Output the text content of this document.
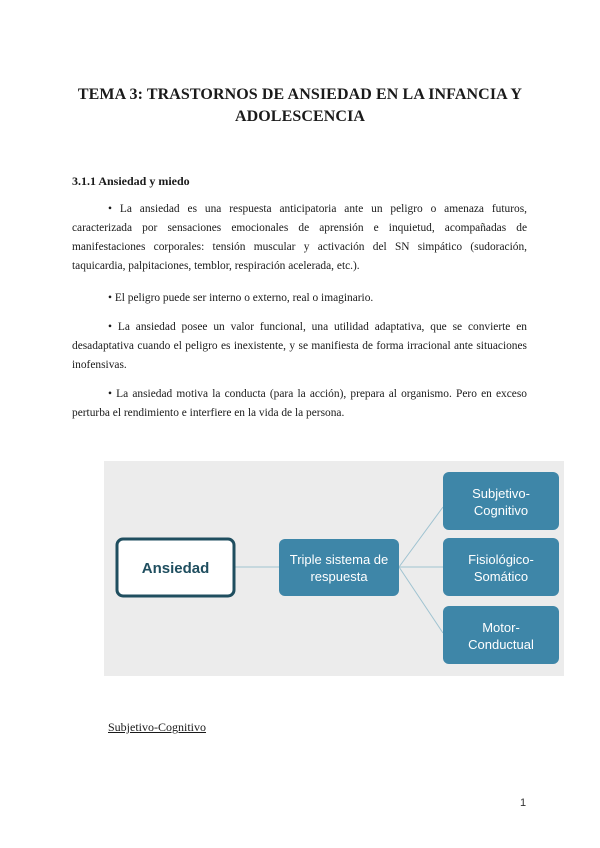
TEMA 3: TRASTORNOS DE ANSIEDAD EN LA INFANCIA Y
ADOLESCENCIA
3.1.1 Ansiedad y miedo

• La ansiedad es una respuesta anticipatoria ante un peligro o amenaza futuros, caracterizada por sensaciones emocionales de aprensión e inquietud, acompañadas de manifestaciones corporales: tensión muscular y activación del SN simpático (sudoración, taquicardia, palpitaciones, temblor, respiración acelerada, etc.).

• El peligro puede ser interno o externo, real o imaginario.

• La ansiedad posee un valor funcional, una utilidad adaptativa, que se convierte en desadaptativa cuando el peligro es inexistente, y se manifiesta de forma irracional ante situaciones inofensivas.

• La ansiedad motiva la conducta (para la acción), prepara al organismo. Pero en exceso perturba el rendimiento e interfiere en la vida de la persona.

Ansiedad
Triple sistema de
respuesta
Subjetivo-
Cognitivo
Fisiológico-
Somático
Motor-
Conductual
Subjetivo-Cognitivo
1
